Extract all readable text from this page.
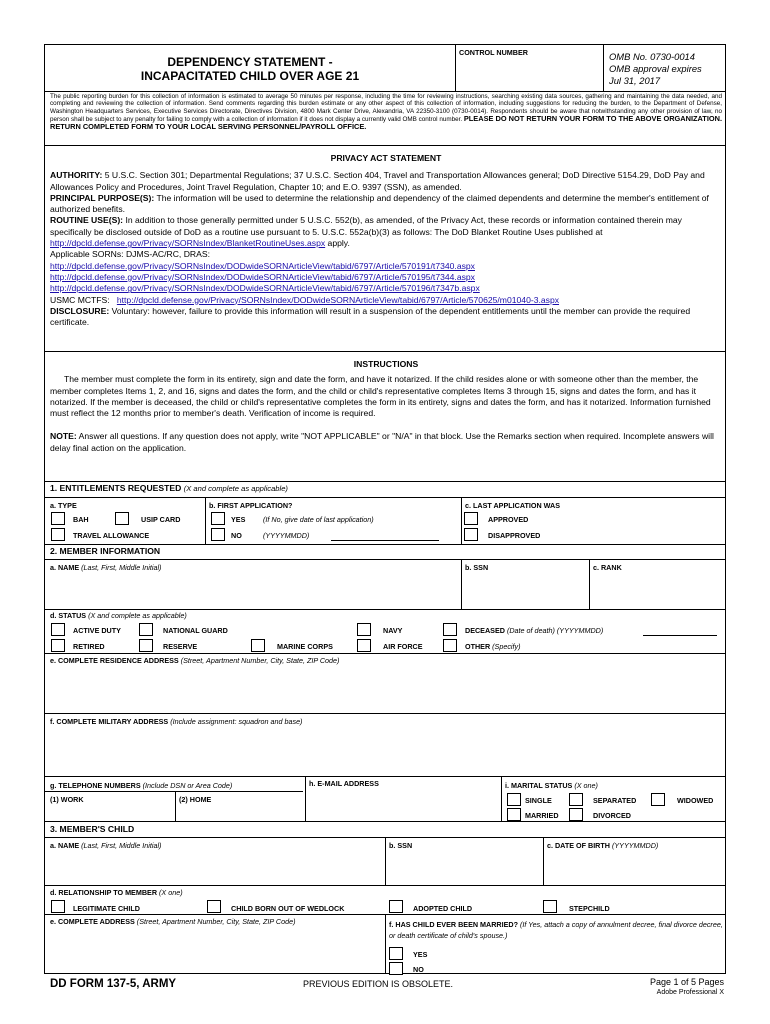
DEPENDENCY STATEMENT -
INCAPACITATED CHILD OVER AGE 21
CONTROL NUMBER	OMB No. 0730-0014
OMB approval expires
Jul 31, 2017
The public reporting burden for this collection of information is estimated to average 50 minutes per response, including the time for reviewing instructions, searching existing data sources, gathering and maintaining the data needed, and completing and reviewing the collection of information. Send comments regarding this burden estimate or any other aspect of this collection of information, including suggestions for reducing the burden, to the Department of Defense, Washington Headquarters Services, Executive Services Directorate, Directives Division, 4800 Mark Center Drive, Alexandria, VA 22350-3100 (0730-0014). Respondents should be aware that notwithstanding any other provision of law, no person shall be subject to any penalty for failing to comply with a collection of information if it does not display a currently valid OMB control number. PLEASE DO NOT RETURN YOUR FORM TO THE ABOVE ORGANIZATION. RETURN COMPLETED FORM TO YOUR LOCAL SERVING PERSONNEL/PAYROLL OFFICE.
PRIVACY ACT STATEMENT
AUTHORITY: 5 U.S.C. Section 301; Departmental Regulations; 37 U.S.C. Section 404, Travel and Transportation Allowances general; DoD Directive 5154.29, DoD Pay and Allowances Policy and Procedures, Joint Travel Regulation, Chapter 10; and E.O. 9397 (SSN), as amended.
PRINCIPAL PURPOSE(S): The information will be used to determine the relationship and dependency of the claimed dependents and determine the member's entitlement of authorized benefits.
ROUTINE USE(S): In addition to those generally permitted under 5 U.S.C. 552(b), as amended, of the Privacy Act, these records or information contained therein may specifically be disclosed outside of DoD as a routine use pursuant to 5. U.S.C. 552a(b)(3) as follows: The DoD Blanket Routine Uses published at http://dpcld.defense.gov/Privacy/SORNsIndex/BlanketRoutineUses.aspx apply.
Applicable SORNs: DJMS-AC/RC, DRAS:
http://dpcld.defense.gov/Privacy/SORNsIndex/DODwideSORNArticleView/tabid/6797/Article/570191/t7340.aspx
http://dpcld.defense.gov/Privacy/SORNsIndex/DODwideSORNArticleView/tabid/6797/Article/570195/t7344.aspx
http://dpcld.defense.gov/Privacy/SORNsIndex/DODwideSORNArticleView/tabid/6797/Article/570196/t7347b.aspx
USMC MCTFS: http://dpcld.defense.gov/Privacy/SORNsIndex/DODwideSORNArticleView/tabid/6797/Article/570625/m01040-3.aspx
DISCLOSURE: Voluntary: however, failure to provide this information will result in a suspension of the dependent entitlements until the member can provide the required certificate.
INSTRUCTIONS
The member must complete the form in its entirety, sign and date the form, and have it notarized. If the child resides alone or with someone other than the member, the member completes Items 1, 2, and 16, signs and dates the form, and the child or child's representative completes Items 3 through 15, signs and dates the form, and has it notarized. If the member is deceased, the child or child's representative completes the form in its entirety, signs and dates the form, and has it notarized. Information furnished must reflect the 12 months prior to member's death. Verification of income is required.
NOTE: Answer all questions. If any question does not apply, write "NOT APPLICABLE" or "N/A" in that block. Use the Remarks section when required. Incomplete answers will delay final action on the application.
1. ENTITLEMENTS REQUESTED (X and complete as applicable)
a. TYPE
BAH	USIP CARD
TRAVEL ALLOWANCE
b. FIRST APPLICATION?
YES (If No, give date of last application)
NO	(YYYYMMDD)
c. LAST APPLICATION WAS
APPROVED
DISAPPROVED
2. MEMBER INFORMATION
a. NAME (Last, First, Middle Initial)	b. SSN	c. RANK
d. STATUS (X and complete as applicable)
ACTIVE DUTY	NATIONAL GUARD	NAVY	DECEASED (Date of death) (YYYYMMDD)
RETIRED	RESERVE	MARINE CORPS	AIR FORCE	OTHER (Specify)
e. COMPLETE RESIDENCE ADDRESS (Street, Apartment Number, City, State, ZIP Code)
f. COMPLETE MILITARY ADDRESS (Include assignment: squadron and base)
g. TELEPHONE NUMBERS (Include DSN or Area Code)	h. E-MAIL ADDRESS	i. MARITAL STATUS (X one)
(1) WORK	(2) HOME	SINGLE	SEPARATED	WIDOWED
MARRIED	DIVORCED
3. MEMBER'S CHILD
a. NAME (Last, First, Middle Initial)	b. SSN	c. DATE OF BIRTH (YYYYMMDD)
d. RELATIONSHIP TO MEMBER (X one)
LEGITIMATE CHILD	CHILD BORN OUT OF WEDLOCK	ADOPTED CHILD	STEPCHILD
e. COMPLETE ADDRESS (Street, Apartment Number, City, State, ZIP Code)	f. HAS CHILD EVER BEEN MARRIED? (If Yes, attach a copy of annulment decree, final divorce decree, or death certificate of child's spouse.)
YES
NO
DD FORM 137-5, ARMY	PREVIOUS EDITION IS OBSOLETE.	Page 1 of 5 Pages
Adobe Professional X
